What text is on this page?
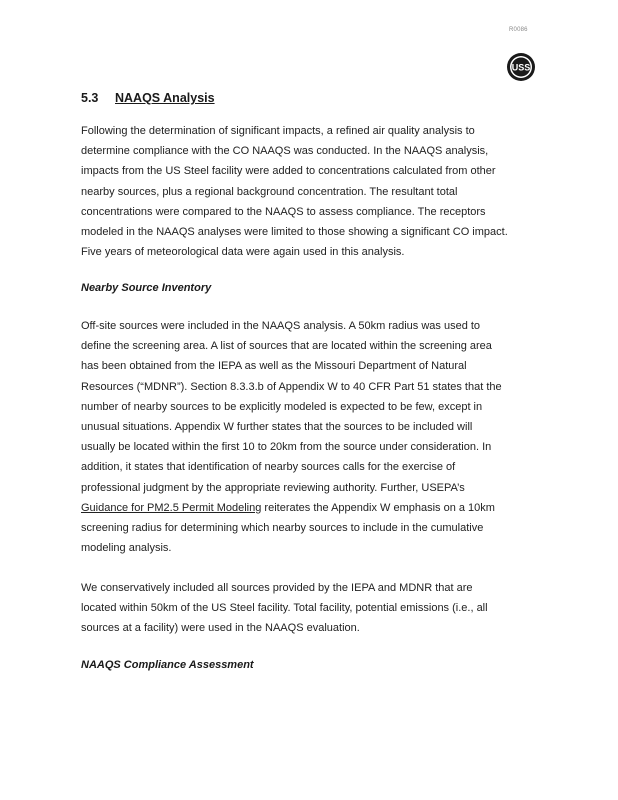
R0086
USS
5.3	NAAQS Analysis

Following the determination of significant impacts, a refined air quality analysis to
determine compliance with the CO NAAQS was conducted. In the NAAQS analysis,
impacts from the US Steel facility were added to concentrations calculated from other
nearby sources, plus a regional background concentration. The resultant total
concentrations were compared to the NAAQS to assess compliance. The receptors
modeled in the NAAQS analyses were limited to those showing a significant CO impact.
Five years of meteorological data were again used in this analysis.

Nearby Source Inventory

Off-site sources were included in the NAAQS analysis. A 50km radius was used to
define the screening area. A list of sources that are located within the screening area
has been obtained from the IEPA as well as the Missouri Department of Natural
Resources (“MDNR”). Section 8.3.3.b of Appendix W to 40 CFR Part 51 states that the
number of nearby sources to be explicitly modeled is expected to be few, except in
unusual situations. Appendix W further states that the sources to be included will
usually be located within the first 10 to 20km from the source under consideration. In
addition, it states that identification of nearby sources calls for the exercise of
professional judgment by the appropriate reviewing authority. Further, USEPA’s
Guidance for PM2.5 Permit Modeling reiterates the Appendix W emphasis on a 10km
screening radius for determining which nearby sources to include in the cumulative
modeling analysis.

We conservatively included all sources provided by the IEPA and MDNR that are
located within 50km of the US Steel facility. Total facility, potential emissions (i.e., all
sources at a facility) were used in the NAAQS evaluation.

NAAQS Compliance Assessment
